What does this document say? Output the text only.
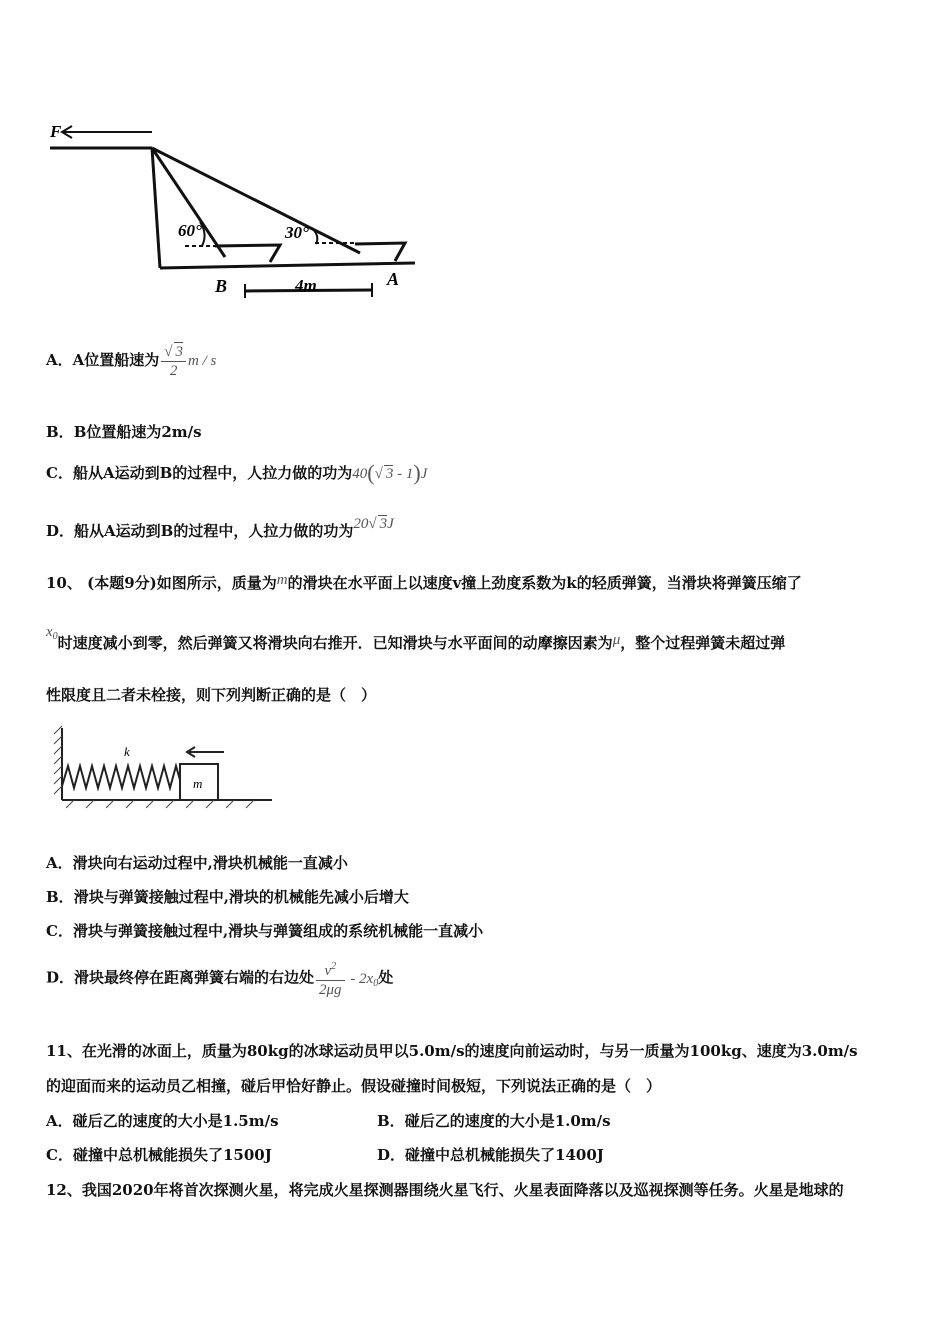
F
60°	30°
B	A
4m
A．A位置船速为 $\frac{√ 3}{2}$ m / s
B．B位置船速为2m/s
C．船从A运动到B的过程中，人拉力做的功为40(√ 3 - 1)J
D．船从A运动到B的过程中，人拉力做的功为20√ 3J
10、 (本题9分)如图所示，质量为m的滑块在水平面上以速度v撞上劲度系数为k的轻质弹簧，当滑块将弹簧压缩了
$x_0$时速度减小到零，然后弹簧又将滑块向右推开．已知滑块与水平面间的动摩擦因素为μ，整个过程弹簧未超过弹
性限度且二者未栓接，则下列判断正确的是（　）
k
m
A．滑块向右运动过程中,滑块机械能一直减小
B．滑块与弹簧接触过程中,滑块的机械能先减小后增大
C．滑块与弹簧接触过程中,滑块与弹簧组成的系统机械能一直减小
D．滑块最终停在距离弹簧右端的右边处 $\frac{v^2}{2\mu g} - 2x_0$处
11、在光滑的冰面上，质量为80kg的冰球运动员甲以5.0m/s的速度向前运动时，与另一质量为100kg、速度为3.0m/s
的迎面而来的运动员乙相撞，碰后甲恰好静止。假设碰撞时间极短，下列说法正确的是（　）
A．碰后乙的速度的大小是1.5m/s	B．碰后乙的速度的大小是1.0m/s
C．碰撞中总机械能损失了1500J	D．碰撞中总机械能损失了1400J
12、我国2020年将首次探测火星，将完成火星探测器围绕火星飞行、火星表面降落以及巡视探测等任务。火星是地球的
